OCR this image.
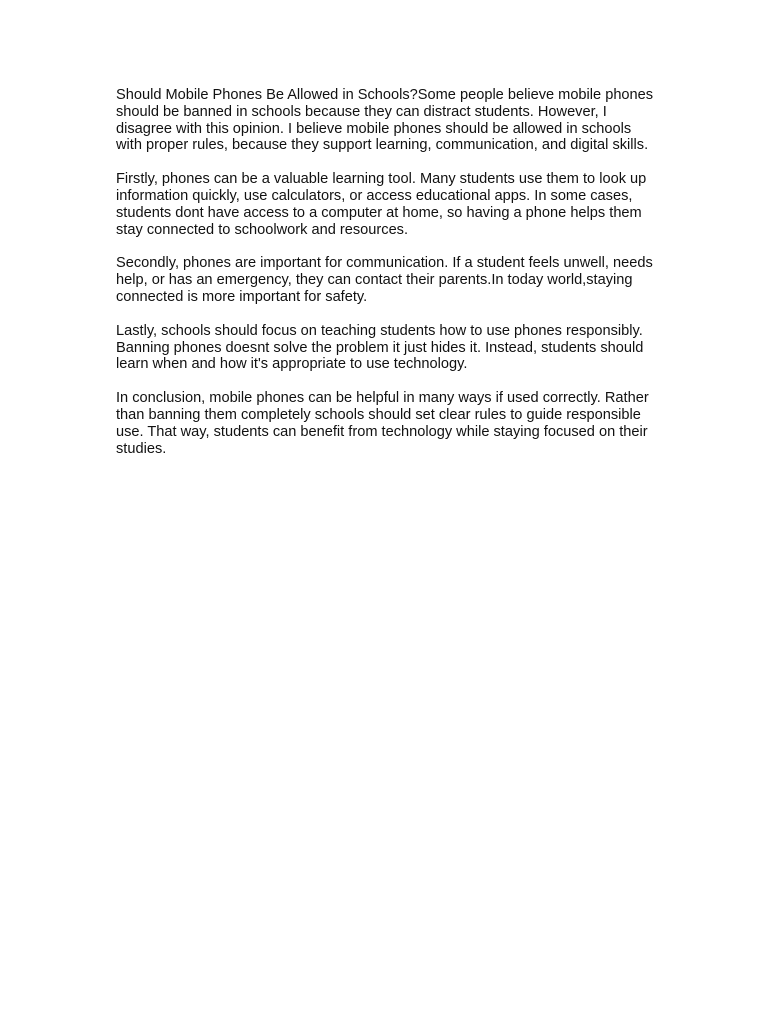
Should Mobile Phones Be Allowed in Schools?Some people believe mobile phones should be banned in schools because they can distract students. However, I disagree with this opinion. I believe mobile phones should be allowed in schools with proper rules, because they support learning, communication, and digital skills.

Firstly, phones can be a valuable learning tool. Many students use them to look up information quickly, use calculators, or access educational apps. In some cases, students dont have access to a computer at home, so having a phone helps them stay connected to schoolwork and resources.

Secondly, phones are important for communication. If a student feels unwell, needs help, or has an emergency, they can contact their parents.In today world,staying connected is more important for safety.

Lastly, schools should focus on teaching students how to use phones responsibly. Banning phones doesnt solve the problem it just hides it. Instead, students should learn when and how it's appropriate to use technology.

In conclusion, mobile phones can be helpful in many ways if used correctly. Rather than banning them completely schools should set clear rules to guide responsible use. That way, students can benefit from technology while staying focused on their studies.
